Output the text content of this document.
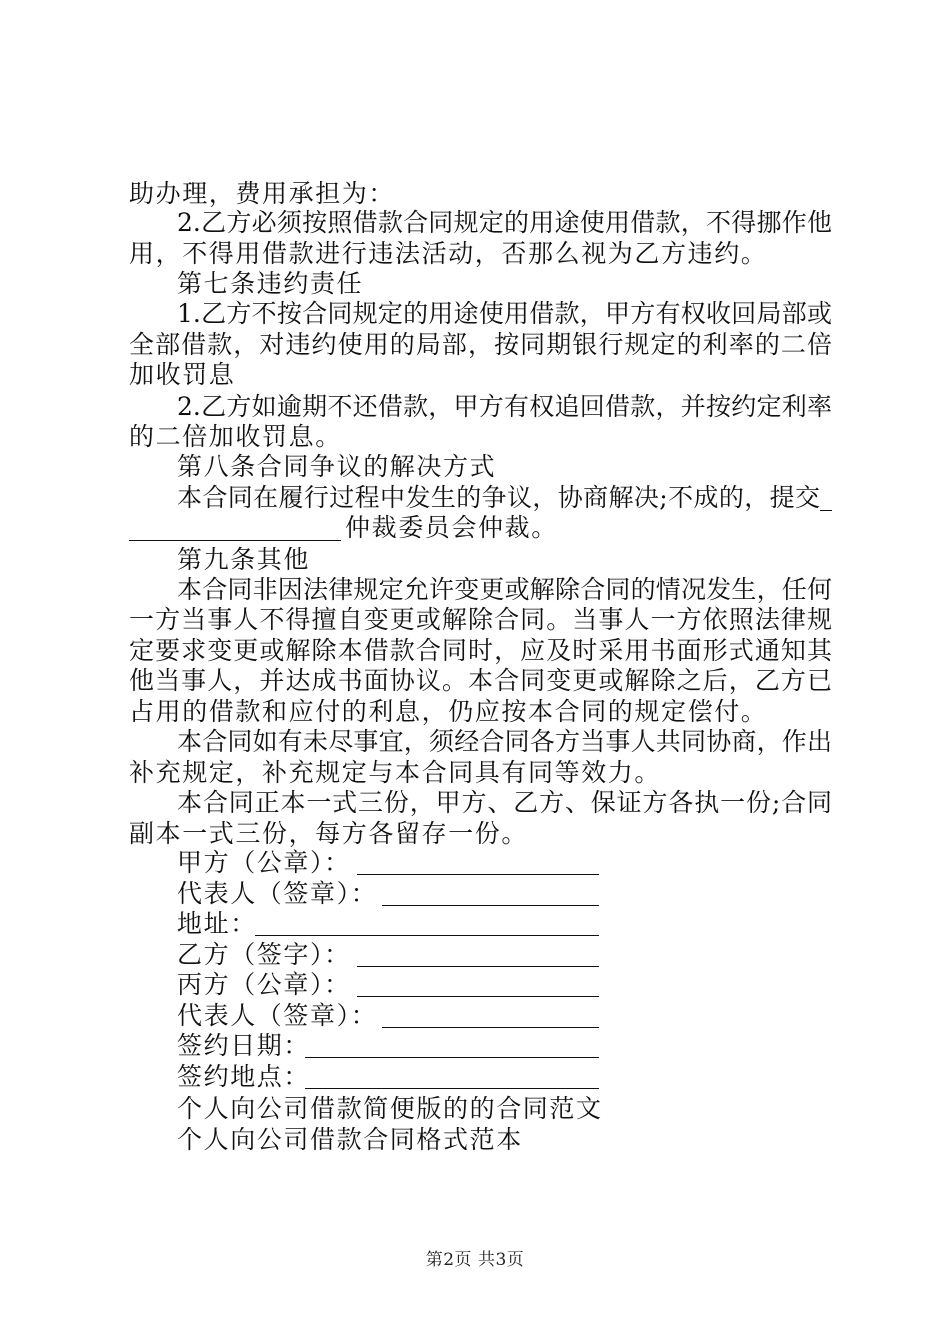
助办理，费用承担为：
2.乙方必须按照借款合同规定的用途使用借款，不得挪作他
用，不得用借款进行违法活动，否那么视为乙方违约。
第七条违约责任
1.乙方不按合同规定的用途使用借款，甲方有权收回局部或
全部借款，对违约使用的局部，按同期银行规定的利率的二倍
加收罚息
2.乙方如逾期不还借款，甲方有权追回借款，并按约定利率
的二倍加收罚息。
第八条合同争议的解决方式
本合同在履行过程中发生的争议，协商解决;不成的，提交
仲裁委员会仲裁。
第九条其他
本合同非因法律规定允许变更或解除合同的情况发生，任何
一方当事人不得擅自变更或解除合同。当事人一方依照法律规
定要求变更或解除本借款合同时，应及时采用书面形式通知其
他当事人，并达成书面协议。本合同变更或解除之后，乙方已
占用的借款和应付的利息，仍应按本合同的规定偿付。
本合同如有未尽事宜，须经合同各方当事人共同协商，作出
补充规定，补充规定与本合同具有同等效力。
本合同正本一式三份，甲方、乙方、保证方各执一份;合同
副本一式三份，每方各留存一份。
甲方（公章）：
代表人（签章）：
地址：
乙方（签字）：
丙方（公章）：
代表人（签章）：
签约日期：
签约地点：
个人向公司借款简便版的的合同范文
个人向公司借款合同格式范本
第2页 共3页
